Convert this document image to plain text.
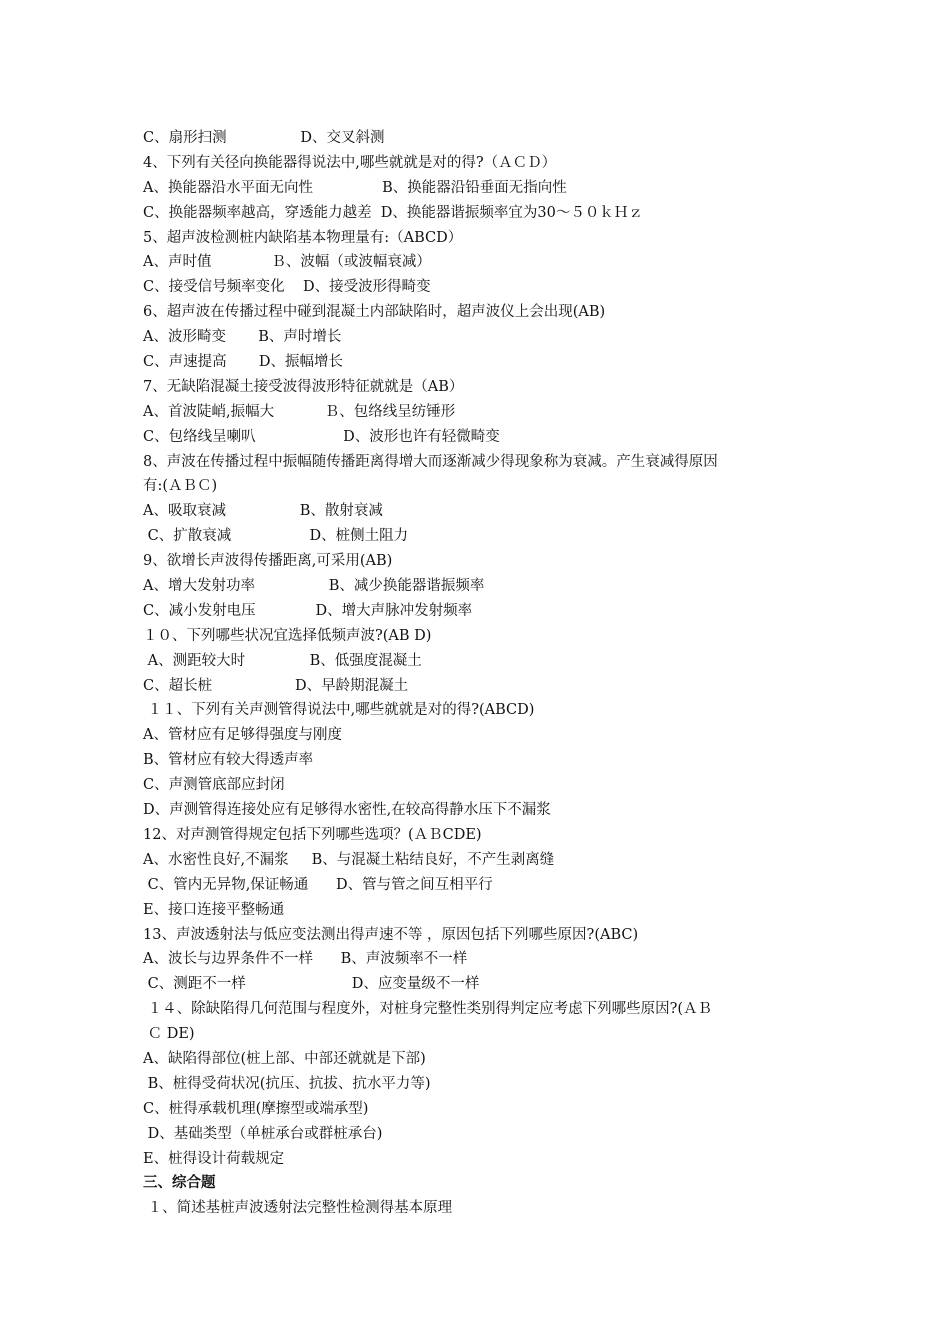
C、扇形扫测                D、交叉斜测
4、下列有关径向换能器得说法中,哪些就就是对的得?（ＡＣＤ）
A、换能器沿水平面无向性               B、换能器沿铅垂面无指向性
C、换能器频率越高，穿透能力越差  D、换能器谐振频率宜为30～５０ｋＨｚ
5、超声波检测桩内缺陷基本物理量有:（ABCD）
A、声时值             Ｂ、波幅（或波幅衰减）
C、接受信号频率变化    D、接受波形得畸变
6、超声波在传播过程中碰到混凝土内部缺陷时，超声波仪上会出现(AB)
A、波形畸变       B、声时增长
C、声速提高       D、振幅增长
7、无缺陷混凝土接受波得波形特征就就是（AB）
A、首波陡峭,振幅大           Ｂ、包络线呈纺锤形
C、包络线呈喇叭                   D、波形也许有轻微畸变
8、声波在传播过程中振幅随传播距离得增大而逐渐减少得现象称为衰减。产生衰减得原因
有:(ＡＢＣ)
A、吸取衰减                B、散射衰减
C、扩散衰减                 D、桩侧土阻力
9、欲增长声波得传播距离,可采用(AB)
A、增大发射功率                B、减少换能器谐振频率
C、减小发射电压             D、增大声脉冲发射频率
１０、下列哪些状况宜选择低频声波?(AB D)
A、测距较大时              B、低强度混凝土
C、超长桩                  D、早龄期混凝土
１１、下列有关声测管得说法中,哪些就就是对的得?(ABCD)
A、管材应有足够得强度与刚度
B、管材应有较大得透声率
C、声测管底部应封闭
D、声测管得连接处应有足够得水密性,在较高得静水压下不漏浆
12、对声测管得规定包括下列哪些选项？(ＡＢCDE)
A、水密性良好,不漏浆     B、与混凝土粘结良好，不产生剥离缝
C、管内无异物,保证畅通      D、管与管之间互相平行
E、接口连接平整畅通
13、声波透射法与低应变法测出得声速不等 ，原因包括下列哪些原因?(ABC)
A、波长与边界条件不一样      B、声波频率不一样
C、测距不一样                       D、应变量级不一样
１４、除缺陷得几何范围与程度外，对桩身完整性类别得判定应考虑下列哪些原因?(ＡＢ
Ｃ DE)
A、缺陷得部位(桩上部、中部还就就是下部)
B、桩得受荷状况(抗压、抗拔、抗水平力等)
C、桩得承载机理(摩擦型或端承型)
D、基础类型（单桩承台或群桩承台)
E、桩得设计荷载规定
三、综合题
１、简述基桩声波透射法完整性检测得基本原理
